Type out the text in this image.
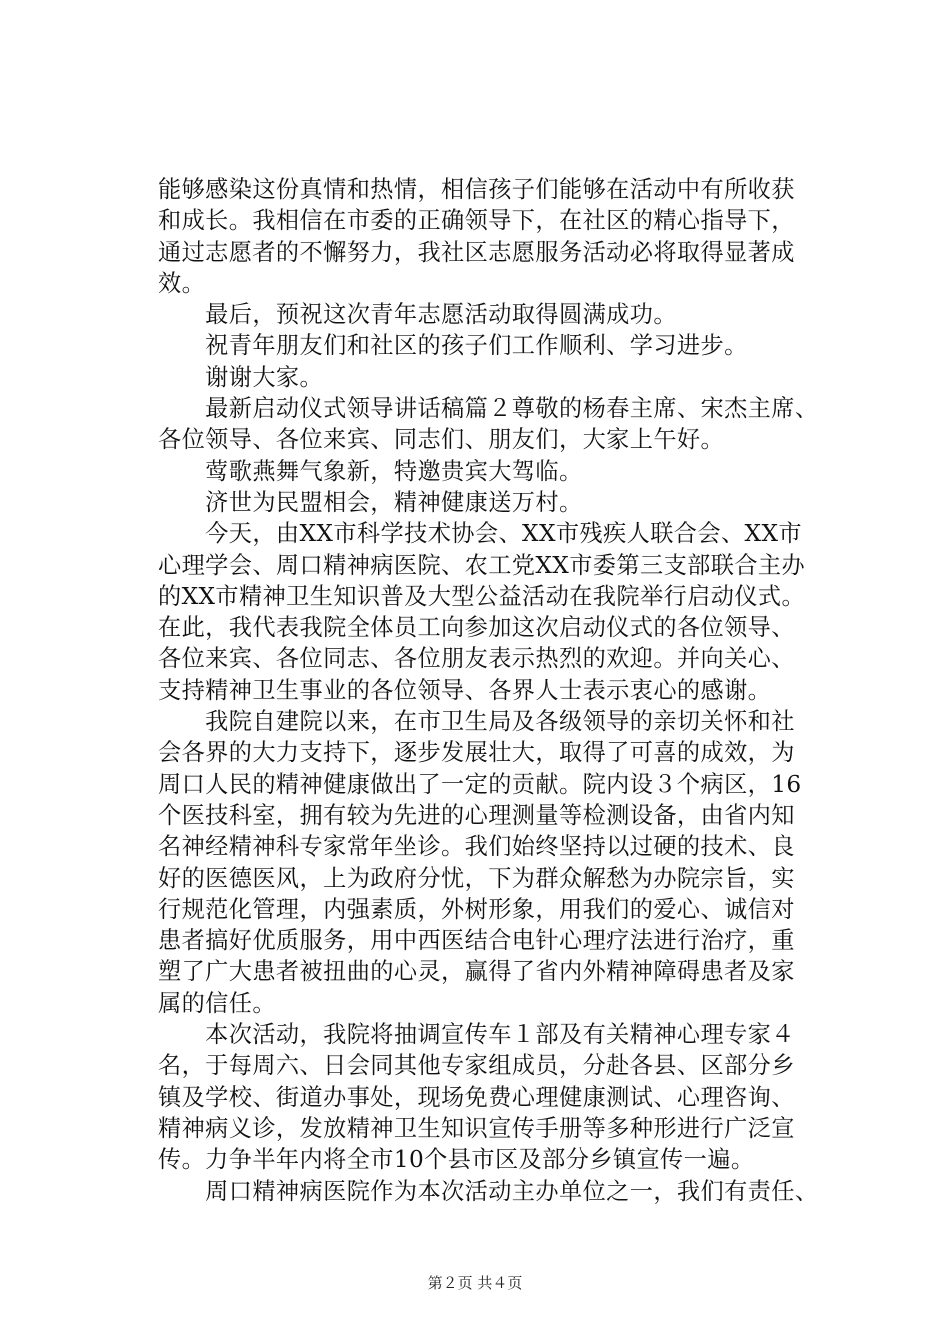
能够感染这份真情和热情，相信孩子们能够在活动中有所收获
和成长。我相信在市委的正确领导下，在社区的精心指导下，
通过志愿者的不懈努力，我社区志愿服务活动必将取得显著成
效。
　　最后，预祝这次青年志愿活动取得圆满成功。
　　祝青年朋友们和社区的孩子们工作顺利、学习进步。
　　谢谢大家。
　　最新启动仪式领导讲话稿篇２尊敬的杨春主席、宋杰主席、
各位领导、各位来宾、同志们、朋友们，大家上午好。
　　莺歌燕舞气象新，特邀贵宾大驾临。
　　济世为民盟相会，精神健康送万村。
　　今天，由XX市科学技术协会、XX市残疾人联合会、XX市
心理学会、周口精神病医院、农工党XX市委第三支部联合主办
的XX市精神卫生知识普及大型公益活动在我院举行启动仪式。
在此，我代表我院全体员工向参加这次启动仪式的各位领导、
各位来宾、各位同志、各位朋友表示热烈的欢迎。并向关心、
支持精神卫生事业的各位领导、各界人士表示衷心的感谢。
　　我院自建院以来，在市卫生局及各级领导的亲切关怀和社
会各界的大力支持下，逐步发展壮大，取得了可喜的成效，为
周口人民的精神健康做出了一定的贡献。院内设３个病区，16
个医技科室，拥有较为先进的心理测量等检测设备，由省内知
名神经精神科专家常年坐诊。我们始终坚持以过硬的技术、良
好的医德医风，上为政府分忧，下为群众解愁为办院宗旨，实
行规范化管理，内强素质，外树形象，用我们的爱心、诚信对
患者搞好优质服务，用中西医结合电针心理疗法进行治疗，重
塑了广大患者被扭曲的心灵，赢得了省内外精神障碍患者及家
属的信任。
　　本次活动，我院将抽调宣传车１部及有关精神心理专家４
名，于每周六、日会同其他专家组成员，分赴各县、区部分乡
镇及学校、街道办事处，现场免费心理健康测试、心理咨询、
精神病义诊，发放精神卫生知识宣传手册等多种形进行广泛宣
传。力争半年内将全市10个县市区及部分乡镇宣传一遍。
　　周口精神病医院作为本次活动主办单位之一，我们有责任、
第２页 共４页
